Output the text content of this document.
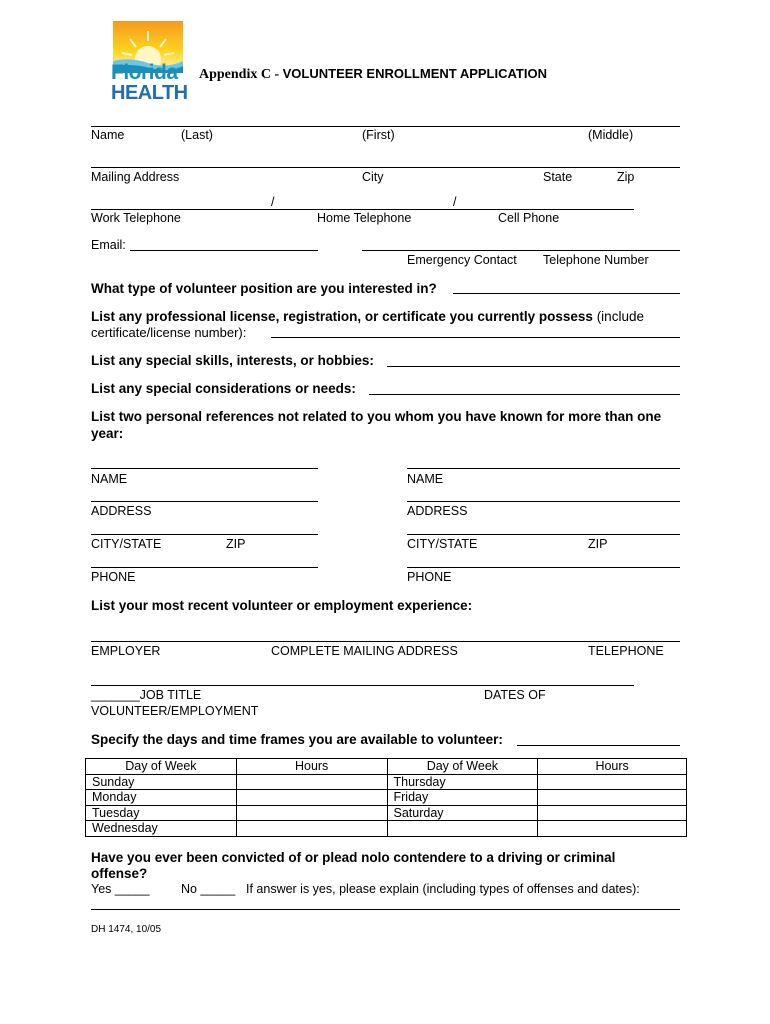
Florida
HEALTH
Appendix C - VOLUNTEER ENROLLMENT APPLICATION
Name	(Last)	(First)	(Middle)
Mailing Address	City	State	Zip
/	/
Work Telephone	Home Telephone	Cell Phone
Email:
Emergency Contact Telephone Number
What type of volunteer position are you interested in?
List any professional license, registration, or certificate you currently possess (include
certificate/license number):
List any special skills, interests, or hobbies:
List any special considerations or needs:
List two personal references not related to you whom you have known for more than one
year:
NAME	NAME
ADDRESS	ADDRESS
CITY/STATE	ZIP	CITY/STATE	ZIP
PHONE	PHONE
List your most recent volunteer or employment experience:
EMPLOYER	COMPLETE MAILING ADDRESS	TELEPHONE
_______JOB TITLE	DATES OF
VOLUNTEER/EMPLOYMENT
Specify the days and time frames you are available to volunteer:
Day of Week	Hours	Day of Week	Hours
Sunday		Thursday	
Monday		Friday	
Tuesday		Saturday	
Wednesday			
Have you ever been convicted of or plead nolo contendere to a driving or criminal
offense?
Yes _____	No _____ If answer is yes, please explain (including types of offenses and dates):
DH 1474, 10/05
